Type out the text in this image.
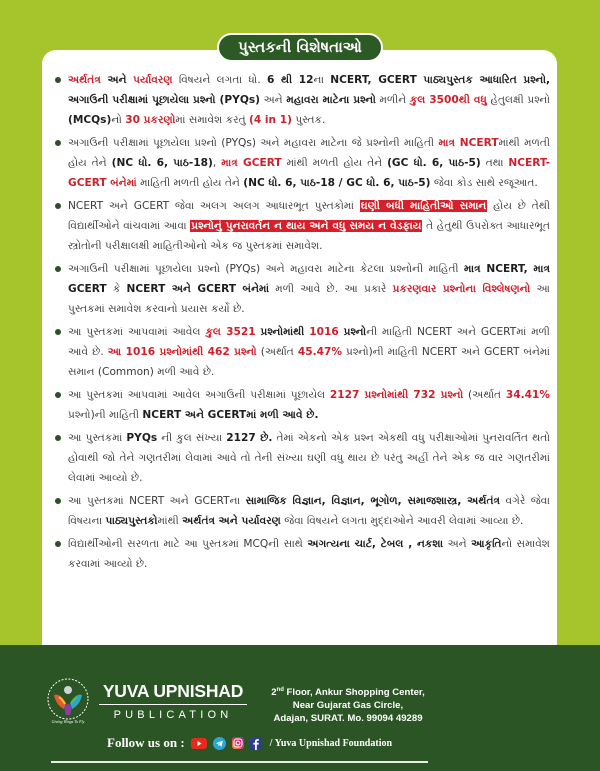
પુસ્તકની વિશેષતાઓ
અર્થતંત્ર અને પર્યાવરણ વિષયને લગતા ધો. 6 થી 12ના NCERT, GCERT પાઠ્યપુસ્તક આધારિત પ્રશ્નો, અગાઉની પરીક્ષામાં પૂછાયેલા પ્રશ્નો (PYQs) અને મહાવરા માટેના પ્રશ્નો મળીને કુલ 3500થી વધુ હેતુલક્ષી પ્રશ્નો (MCQs)નો 30 પ્રકરણોમાં સમાવેશ કરતું (4 in 1) પુસ્તક.
અગાઉની પરીક્ષામાં પૂછાયેલા પ્રશ્નો (PYQs) અને મહાવરા માટેના જે પ્રશ્નોની માહિતી માત્ર NCERTમાંથી મળતી હોય તેને (NC ધો. 6, પાઠ-18), માત્ર GCERT માંથી મળતી હોય તેને (GC ધો. 6, પાઠ-5) તથા NCERT-GCERT બંનેમાં માહિતી મળતી હોય તેને (NC ધો. 6, પાઠ-18 / GC ધો. 6, પાઠ-5) જેવા કોડ સાથે રજૂઆત.
NCERT અને GCERT જેવા અલગ અલગ આધારભૂત પુસ્તકોમાં ઘણી બધી માહિતીઓ સમાન હોય છે તેથી વિદ્યાર્થીઓને વાંચવામાં આવા પ્રશ્નોનું પુનરાવર્તન ન થાય અને વધુ સમય ન વેડફાય તે હેતુથી ઉપરોક્ત આધારભૂત સ્ત્રોતોની પરીક્ષાલક્ષી માહિતીઓનો એક જ પુસ્તકમાં સમાવેશ.
અગાઉની પરીક્ષામાં પૂછાયેલા પ્રશ્નો (PYQs) અને મહાવરા માટેના કેટલા પ્રશ્નોની માહિતી માત્ર NCERT, માત્ર GCERT કે NCERT અને GCERT બંનેમાં મળી આવે છે. આ પ્રકારે પ્રકરણવાર પ્રશ્નોના વિશ્લેષણનો આ પુસ્તકમાં સમાવેશ કરવાનો પ્રયાસ કર્યો છે.
આ પુસ્તકમાં આપવામાં આવેલ કુલ 3521 પ્રશ્નોમાંથી 1016 પ્રશ્નોની માહિતી NCERT અને GCERTમાં મળી આવે છે. આ 1016 પ્રશ્નોમાંથી 462 પ્રશ્નો (અર્થાત 45.47% પ્રશ્નો)ની માહિતી NCERT અને GCERT બંનેમાં સમાન (Common) મળી આવે છે.
આ પુસ્તકમાં આપવામાં આવેલ અગાઉની પરીક્ષામાં પૂછાયેલ 2127 પ્રશ્નોમાંથી 732 પ્રશ્નો (અર્થાત 34.41% પ્રશ્નો)ની માહિતી NCERT અને GCERTમાં મળી આવે છે.
આ પુસ્તકમાં PYQs ની કુલ સંખ્યા 2127 છે. તેમાં એકનો એક પ્રશ્ન એકથી વધુ પરીક્ષાઓમાં પુનરાવર્તિત થતો હોવાથી જો તેને ગણતરીમાં લેવામાં આવે તો તેની સંખ્યા ઘણી વધુ થાય છે પરંતુ અહીં તેને એક જ વાર ગણતરીમાં લેવામાં આવ્યો છે.
આ પુસ્તકમાં NCERT અને GCERTના સામાજિક વિજ્ઞાન, વિજ્ઞાન, ભૂગોળ, સમાજશાસ્ત્ર, અર્થતંત્ર વગેરે જેવા વિષયના પાઠ્યપુસ્તકોમાંથી અર્થતંત્ર અને પર્યાવરણ જેવા વિષયને લગતા મુદ્દાઓને આવરી લેવામાં આવ્યા છે.
વિદ્યાર્થીઓની સરળતા માટે આ પુસ્તકમાં MCQની સાથે અગત્યના ચાર્ટ, ટેબલ , નકશા અને આકૃતિનો સમાવેશ કરવામાં આવ્યો છે.
Giving Wings To Fly
YUVA UPNISHAD
PUBLICATION
2nd Floor, Ankur Shopping Center,
Near Gujarat Gas Circle,
Adajan, SURAT. Mo. 99094 49289
Follow us on :	/ Yuva Upnishad Foundation
